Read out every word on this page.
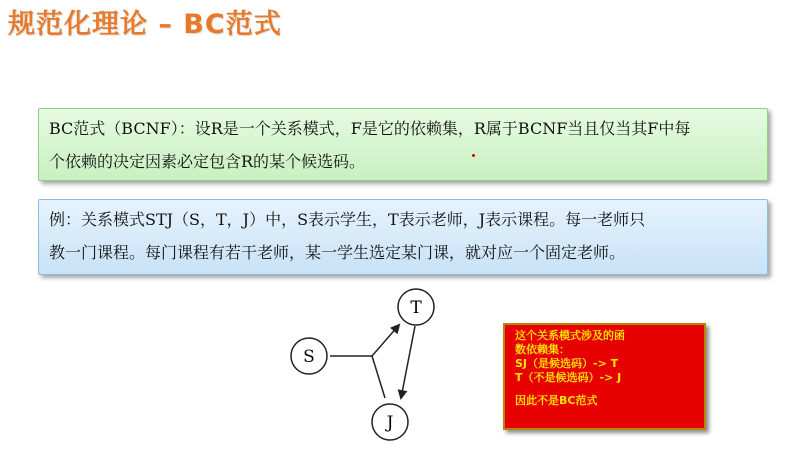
规范化理论 – BC范式
BC范式（BCNF）：设R是一个关系模式，F是它的依赖集，R属于BCNF当且仅当其F中每
个依赖的决定因素必定包含R的某个候选码。
例：关系模式STJ（S，T，J）中，S表示学生，T表示老师，J表示课程。每一老师只
教一门课程。每门课程有若干老师，某一学生选定某门课，就对应一个固定老师。
S
T
J
这个关系模式涉及的函
数依赖集：
SJ（是候选码）-> T
T（不是候选码）-> J
因此不是BC范式
